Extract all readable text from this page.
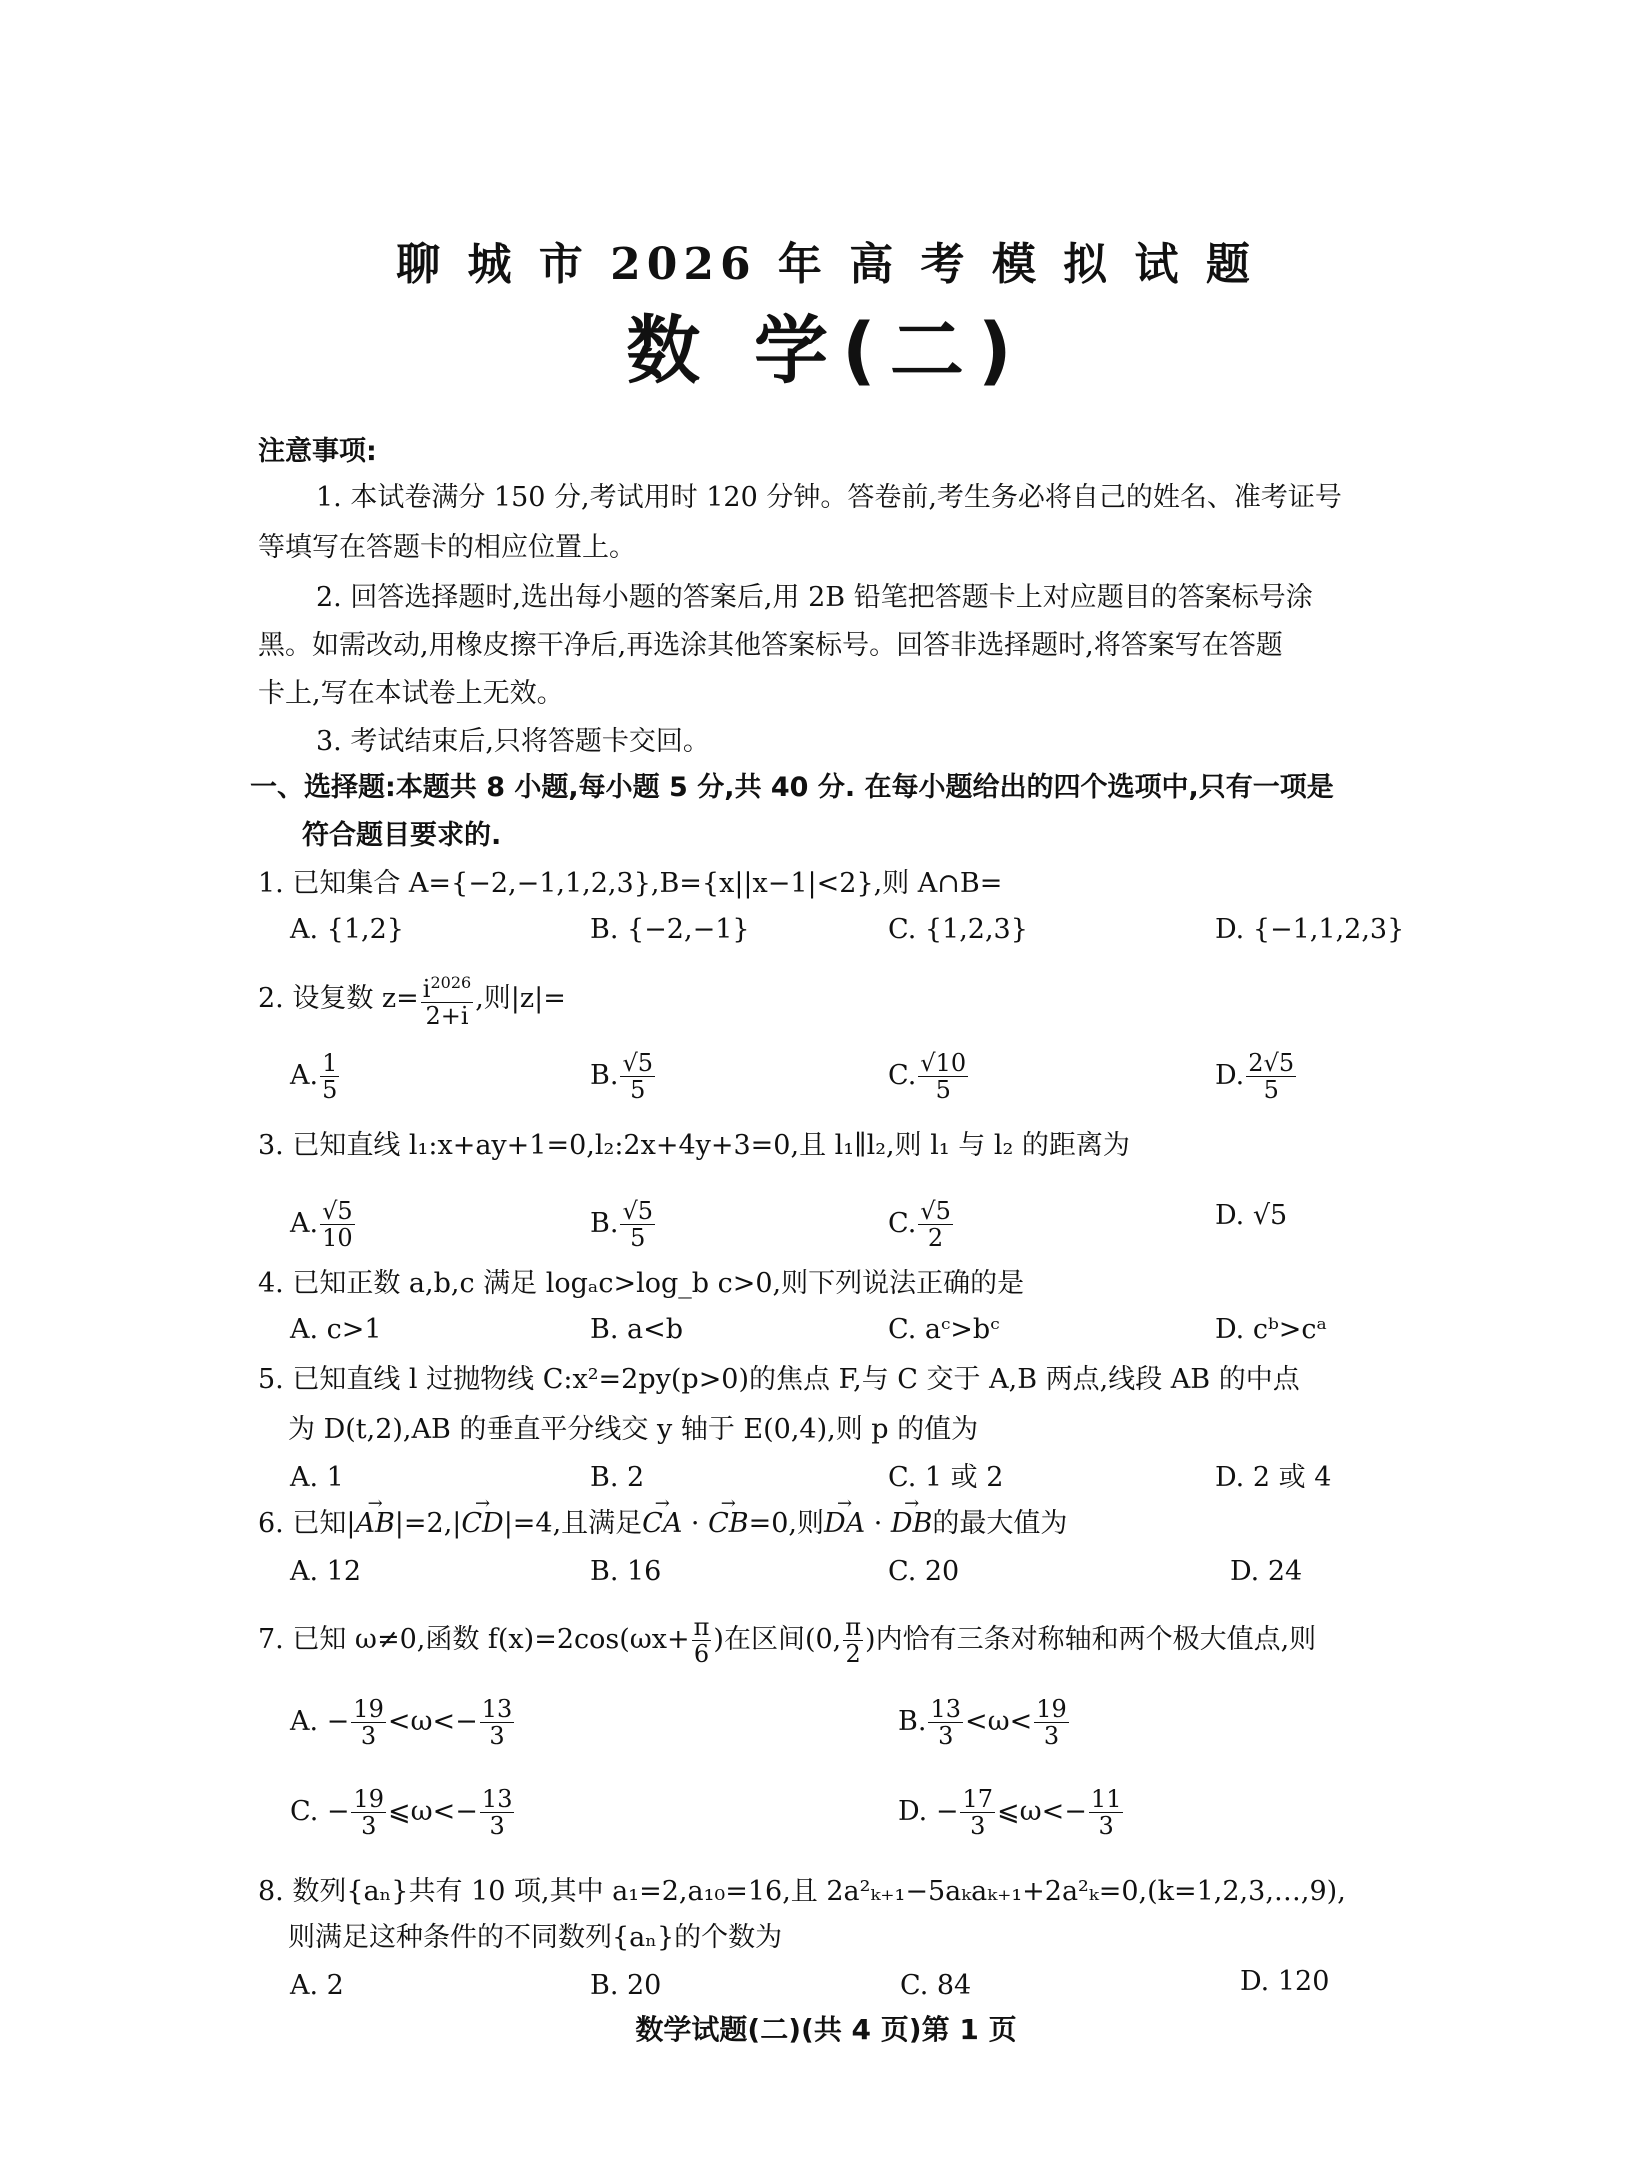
聊 城 市 2026 年 高 考 模 拟 试 题
数 学(二)
注意事项:
1. 本试卷满分 150 分,考试用时 120 分钟。答卷前,考生务必将自己的姓名、准考证号
等填写在答题卡的相应位置上。
2. 回答选择题时,选出每小题的答案后,用 2B 铅笔把答题卡上对应题目的答案标号涂
黑。如需改动,用橡皮擦干净后,再选涂其他答案标号。回答非选择题时,将答案写在答题
卡上,写在本试卷上无效。
3. 考试结束后,只将答题卡交回。
一、选择题:本题共 8 小题,每小题 5 分,共 40 分. 在每小题给出的四个选项中,只有一项是
符合题目要求的.
1. 已知集合 A={−2,−1,1,2,3},B={x||x−1|<2},则 A∩B=
A. {1,2}	B. {−2,−1}	C. {1,2,3}	D. {−1,1,2,3}
2. 设复数 $z= \frac{i^{2026}}{2+i}$ ,则|z|=
A. $\frac{1}{5}$	B. $\frac{√5}{5}$	C. $\frac{√10}{5}$	D. $\frac{2√5}{5}$
3. 已知直线 l₁:x+ay+1=0,l₂:2x+4y+3=0,且 l₁∥l₂,则 l₁ 与 l₂ 的距离为
A. $\frac{√5}{10}$	B. $\frac{√5}{5}$	C. $\frac{√5}{2}$	D. √5
4. 已知正数 a,b,c 满足 logₐc>log_b c>0,则下列说法正确的是
A. c>1	B. a<b	C. aᶜ>bᶜ	D. cᵇ>cᵃ
5. 已知直线 l 过抛物线 C:x²=2py(p>0)的焦点 F,与 C 交于 A,B 两点,线段 AB 的中点
为 D(t,2),AB 的垂直平分线交 y 轴于 E(0,4),则 p 的值为
A. 1	B. 2	C. 1 或 2	D. 2 或 4
6. 已知|→ AB|=2,|→ CD|=4,且满足→ CA · → CB=0,则→ DA · → DB的最大值为
A. 12	B. 16	C. 20	D. 24
7. 已知 ω≠0,函数 $f(x)=2\cos(\omega x+ \frac{\pi}{6}$ )在区间(0, $\frac{\pi}{2}$ )内恰有三条对称轴和两个极大值点,则
A. − $\frac{19}{3} <\omega<- \frac{13}{3}$	B. $\frac{13}{3} <\omega< \frac{19}{3}$
C. − $\frac{19}{3}$ ⩽ω<− $\frac{13}{3}$	D. − $\frac{17}{3}$ ⩽ω<− $\frac{11}{3}$
8. 数列{aₙ}共有 10 项,其中 a₁=2,a₁₀=16,且 2a²ₖ₊₁−5aₖaₖ₊₁+2a²ₖ=0,(k=1,2,3,…,9),
则满足这种条件的不同数列{aₙ}的个数为
A. 2	B. 20	C. 84	D. 120
数学试题(二)(共 4 页)第 1 页
